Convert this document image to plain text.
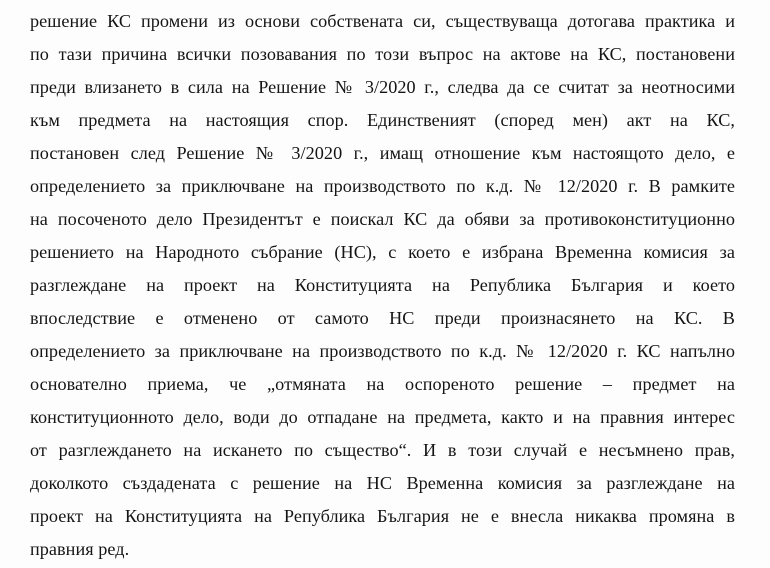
решение КС промени из основи собствената си, съществуваща дотогава практика и
по тази причина всички позовавания по този въпрос на актове на КС, постановени
преди влизането в сила на Решение № 3/2020 г., следва да се считат за неотносими
към предмета на настоящия спор. Единственият (според мен) акт на КС,
постановен след Решение № 3/2020 г., имащ отношение към настоящото дело, е
определението за приключване на производството по к.д. № 12/2020 г. В рамките
на посоченото дело Президентът е поискал КС да обяви за противоконституционно
решението на Народното събрание (НС), с което е избрана Временна комисия за
разглеждане на проект на Конституцията на Република България и което
впоследствие е отменено от самото НС преди произнасянето на КС. В
определението за приключване на производството по к.д. № 12/2020 г. КС напълно
основателно приема, че „отмяната на оспореното решение – предмет на
конституционното дело, води до отпадане на предмета, както и на правния интерес
от разглеждането на искането по същество“. И в този случай е несъмнено прав,
доколкото създадената с решение на НС Временна комисия за разглеждане на
проект на Конституцията на Република България не е внесла никаква промяна в
правния ред.
